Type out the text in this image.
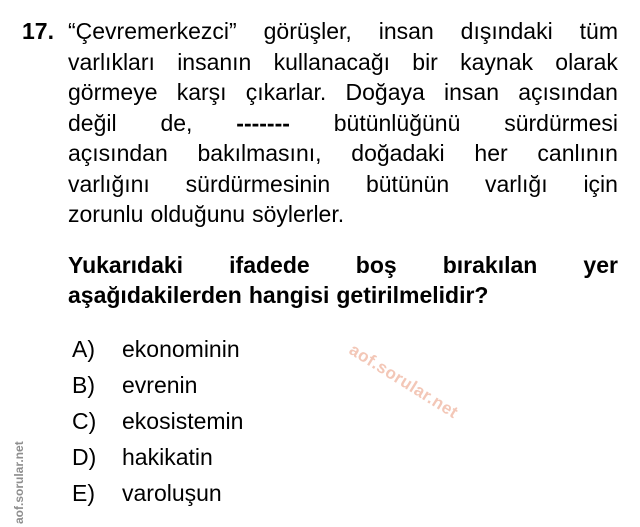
17. “Çevremerkezci” görüşler, insan dışındaki tüm
varlıkları insanın kullanacağı bir kaynak olarak
görmeye karşı çıkarlar. Doğaya insan açısından
değil de, ------- bütünlüğünü sürdürmesi
açısından bakılmasını, doğadaki her canlının
varlığını sürdürmesinin bütünün varlığı için
zorunlu olduğunu söylerler.
Yukarıdaki ifadede boş bırakılan yer
aşağıdakilerden hangisi getirilmelidir?
A)	ekonominin
B)	evrenin
C)	ekosistemin
D)	hakikatin
E)	varoluşun
aof.sorular.net
aof.sorular.net
